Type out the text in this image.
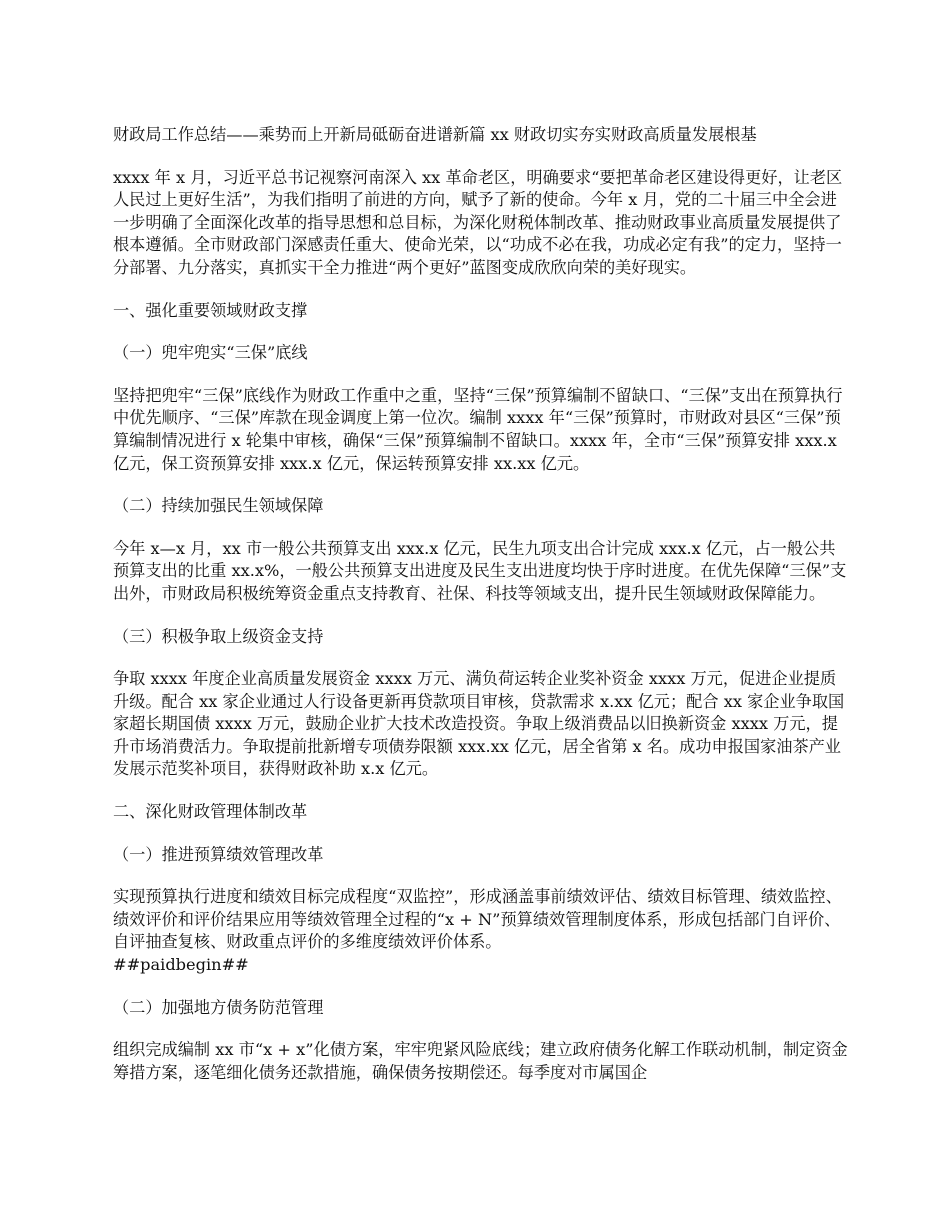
财政局工作总结——乘势而上开新局砥砺奋进谱新篇 xx 财政切实夯实财政高质量发展根基

xxxx 年 x 月，习近平总书记视察河南深入 xx 革命老区，明确要求“要把革命老区建设得更好，让老区人民过上更好生活”，为我们指明了前进的方向，赋予了新的使命。今年 x 月，党的二十届三中全会进一步明确了全面深化改革的指导思想和总目标，为深化财税体制改革、推动财政事业高质量发展提供了根本遵循。全市财政部门深感责任重大、使命光荣，以“功成不必在我，功成必定有我”的定力，坚持一分部署、九分落实，真抓实干全力推进“两个更好”蓝图变成欣欣向荣的美好现实。

一、强化重要领域财政支撑

（一）兜牢兜实“三保”底线

坚持把兜牢“三保”底线作为财政工作重中之重，坚持“三保”预算编制不留缺口、“三保”支出在预算执行中优先顺序、“三保”库款在现金调度上第一位次。编制 xxxx 年“三保”预算时，市财政对县区“三保”预算编制情况进行 x 轮集中审核，确保“三保”预算编制不留缺口。xxxx 年，全市“三保”预算安排 xxx.x 亿元，保工资预算安排 xxx.x 亿元，保运转预算安排 xx.xx 亿元。

（二）持续加强民生领域保障

今年 x—x 月，xx 市一般公共预算支出 xxx.x 亿元，民生九项支出合计完成 xxx.x 亿元，占一般公共预算支出的比重 xx.x%，一般公共预算支出进度及民生支出进度均快于序时进度。在优先保障“三保”支出外，市财政局积极统筹资金重点支持教育、社保、科技等领域支出，提升民生领域财政保障能力。

（三）积极争取上级资金支持

争取 xxxx 年度企业高质量发展资金 xxxx 万元、满负荷运转企业奖补资金 xxxx 万元，促进企业提质升级。配合 xx 家企业通过人行设备更新再贷款项目审核，贷款需求 x.xx 亿元；配合 xx 家企业争取国家超长期国债 xxxx 万元，鼓励企业扩大技术改造投资。争取上级消费品以旧换新资金 xxxx 万元，提升市场消费活力。争取提前批新增专项债券限额 xxx.xx 亿元，居全省第 x 名。成功申报国家油茶产业发展示范奖补项目，获得财政补助 x.x 亿元。

二、深化财政管理体制改革

（一）推进预算绩效管理改革

实现预算执行进度和绩效目标完成程度“双监控”，形成涵盖事前绩效评估、绩效目标管理、绩效监控、绩效评价和评价结果应用等绩效管理全过程的“x + N”预算绩效管理制度体系，形成包括部门自评价、自评抽查复核、财政重点评价的多维度绩效评价体系。

##paidbegin##

（二）加强地方债务防范管理

组织完成编制 xx 市“x + x”化债方案，牢牢兜紧风险底线；建立政府债务化解工作联动机制，制定资金筹措方案，逐笔细化债务还款措施，确保债务按期偿还。每季度对市属国企
